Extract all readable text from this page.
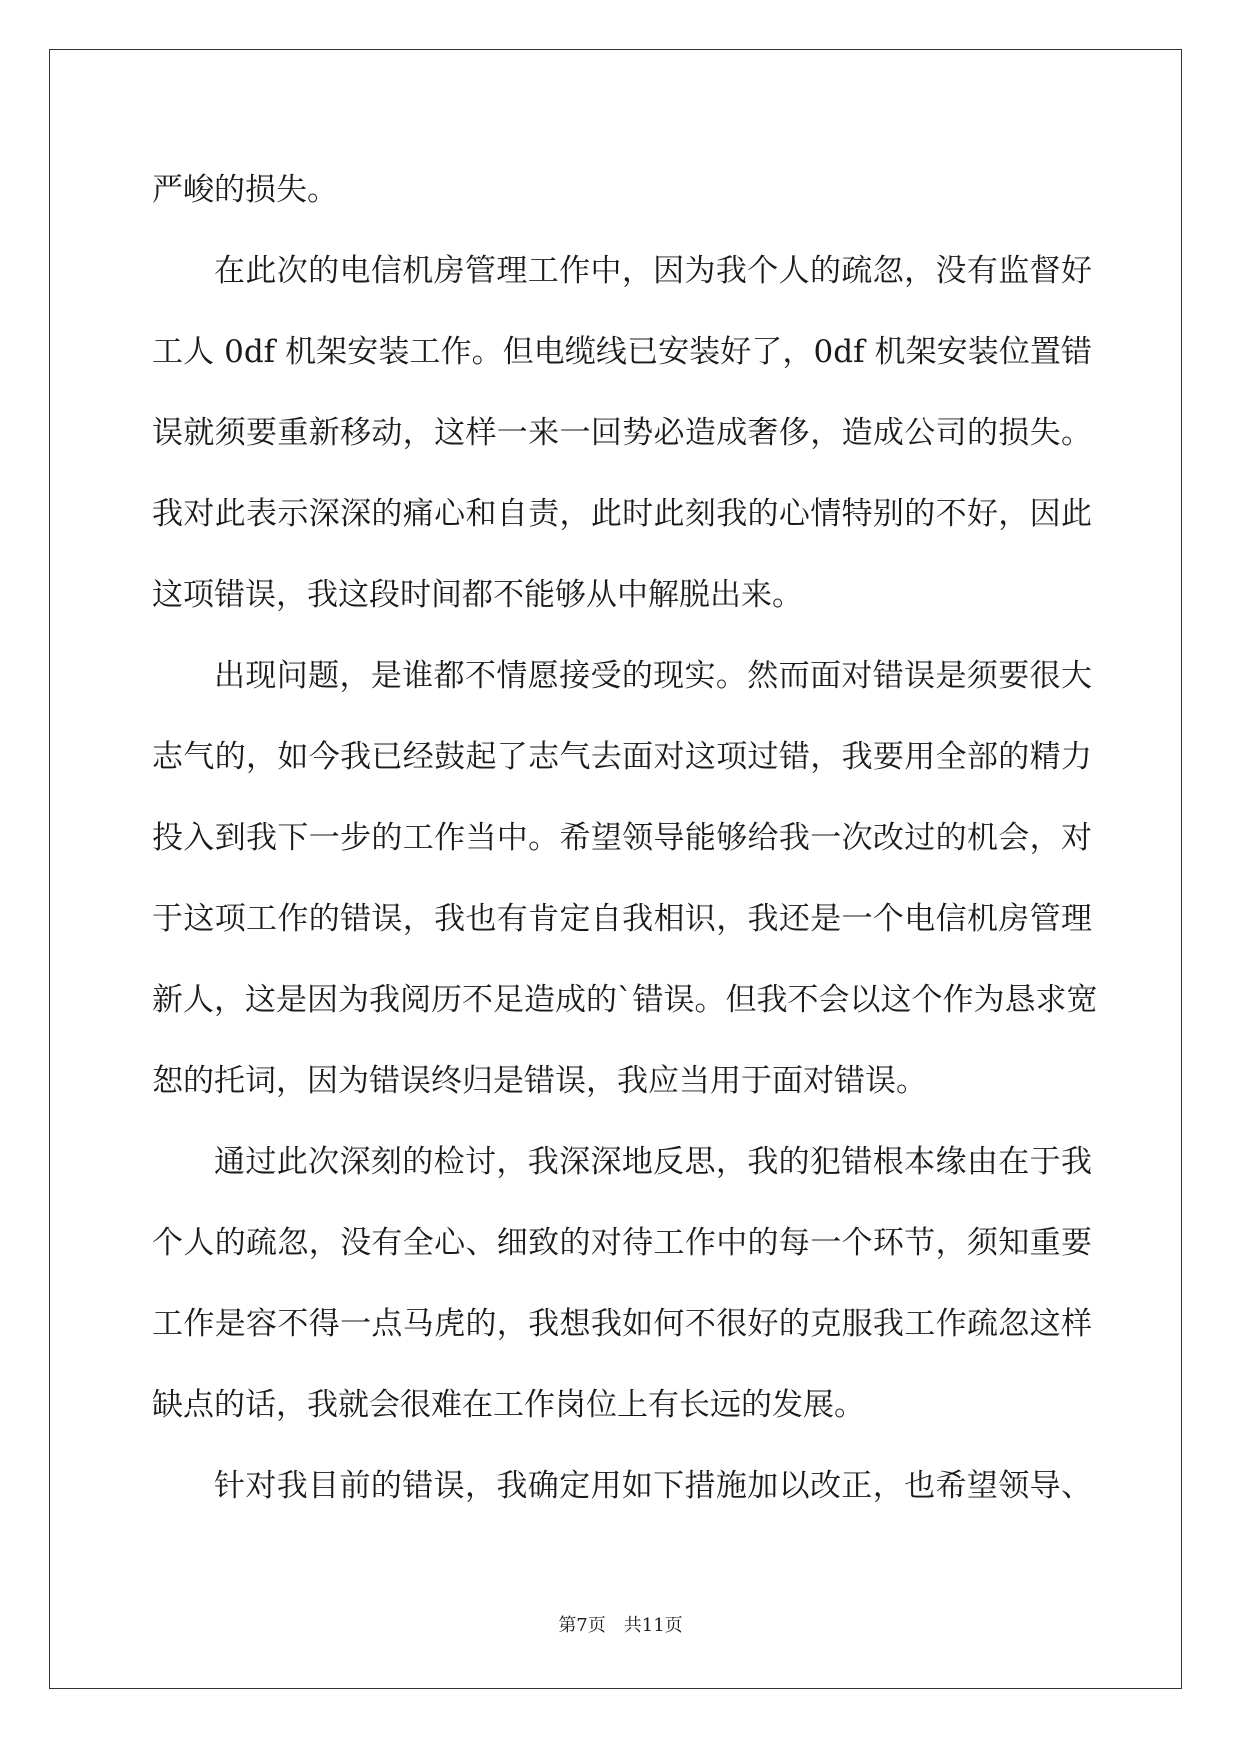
严峻的损失。
在此次的电信机房管理工作中，因为我个人的疏忽，没有监督好
工人 0df 机架安装工作。但电缆线已安装好了，0df 机架安装位置错
误就须要重新移动，这样一来一回势必造成奢侈，造成公司的损失。
我对此表示深深的痛心和自责，此时此刻我的心情特别的不好，因此
这项错误，我这段时间都不能够从中解脱出来。
出现问题，是谁都不情愿接受的现实。然而面对错误是须要很大
志气的，如今我已经鼓起了志气去面对这项过错，我要用全部的精力
投入到我下一步的工作当中。希望领导能够给我一次改过的机会，对
于这项工作的错误，我也有肯定自我相识，我还是一个电信机房管理
新人，这是因为我阅历不足造成的`错误。但我不会以这个作为恳求宽
恕的托词，因为错误终归是错误，我应当用于面对错误。
通过此次深刻的检讨，我深深地反思，我的犯错根本缘由在于我
个人的疏忽，没有全心、细致的对待工作中的每一个环节，须知重要
工作是容不得一点马虎的，我想我如何不很好的克服我工作疏忽这样
缺点的话，我就会很难在工作岗位上有长远的发展。
针对我目前的错误，我确定用如下措施加以改正，也希望领导、
第7页 共11页
